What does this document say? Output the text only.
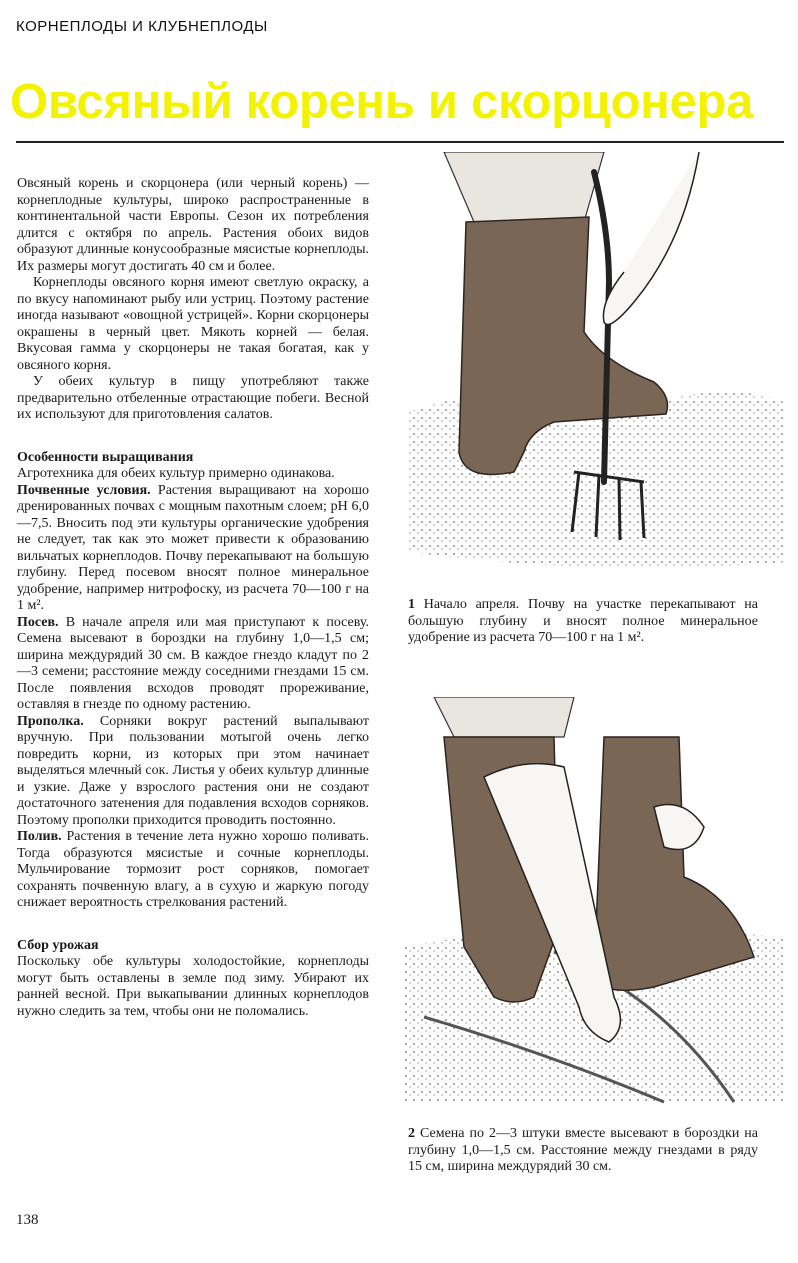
КОРНЕПЛОДЫ И КЛУБНЕПЛОДЫ
Овсяный корень и скорцонера

Овсяный корень и скорцонера (или черный корень) — корнеплодные культуры, широко распространенные в континентальной части Европы. Сезон их потребления длится с октября по апрель. Растения обоих видов образуют длинные конусообразные мясистые корнеплоды. Их размеры могут достигать 40 см и более.

Корнеплоды овсяного корня имеют светлую окраску, а по вкусу напоминают рыбу или устриц. Поэтому растение иногда называют «овощной устрицей». Корни скорцонеры окрашены в черный цвет. Мякоть корней — белая. Вкусовая гамма у скорцонеры не такая богатая, как у овсяного корня.

У обеих культур в пищу употребляют также предварительно отбеленные отрастающие побеги. Весной их используют для приготовления салатов.

Особенности выращивания

Агротехника для обеих культур примерно одинакова.

Почвенные условия. Растения выращивают на хорошо дренированных почвах с мощным пахотным слоем; pH 6,0—7,5. Вносить под эти культуры органические удобрения не следует, так как это может привести к образованию вильчатых корнеплодов. Почву перекапывают на большую глубину. Перед посевом вносят полное минеральное удобрение, например нитрофоску, из расчета 70—100 г на 1 м².

Посев. В начале апреля или мая приступают к посеву. Семена высевают в бороздки на глубину 1,0—1,5 см; ширина междурядий 30 см. В каждое гнездо кладут по 2—3 семени; расстояние между соседними гнездами 15 см. После появления всходов проводят прореживание, оставляя в гнезде по одному растению.

Прополка. Сорняки вокруг растений выпалывают вручную. При пользовании мотыгой очень легко повредить корни, из которых при этом начинает выделяться млечный сок. Листья у обеих культур длинные и узкие. Даже у взрослого растения они не создают достаточного затенения для подавления всходов сорняков. Поэтому прополки приходится проводить постоянно.

Полив. Растения в течение лета нужно хорошо поливать. Тогда образуются мясистые и сочные корнеплоды. Мульчирование тормозит рост сорняков, помогает сохранять почвенную влагу, а в сухую и жаркую погоду снижает вероятность стрелкования растений.

Сбор урожая

Поскольку обе культуры холодостойкие, корнеплоды могут быть оставлены в земле под зиму. Убирают их ранней весной. При выкапывании длинных корнеплодов нужно следить за тем, чтобы они не поломались.

1 Начало апреля. Почву на участке перекапывают на большую глубину и вносят полное минеральное удобрение из расчета 70—100 г на 1 м².
2 Семена по 2—3 штуки вместе высевают в бороздки на глубину 1,0—1,5 см. Расстояние между гнездами в ряду 15 см, ширина междурядий 30 см.
138
